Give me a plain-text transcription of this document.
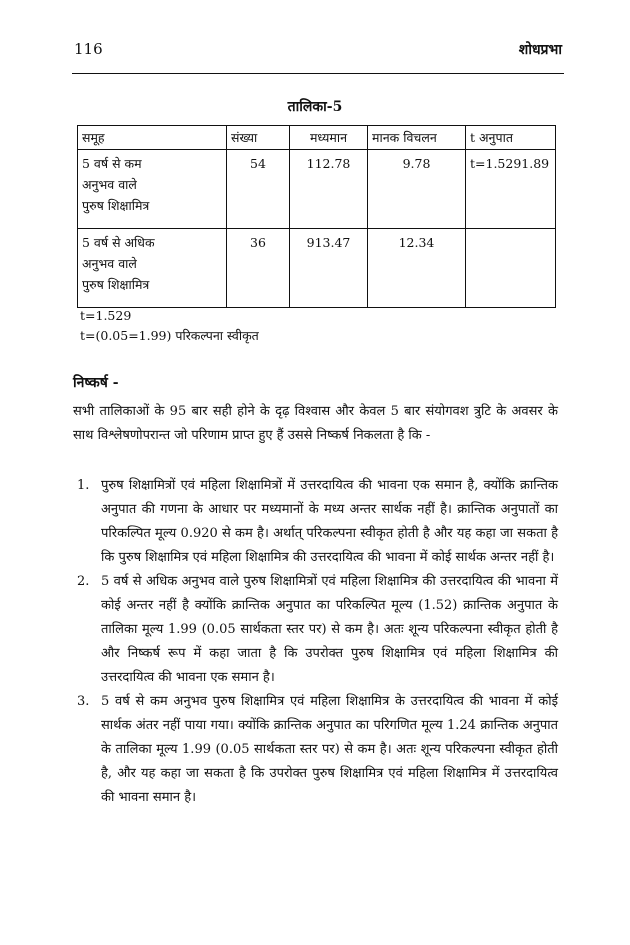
116	शोधप्रभा
तालिका-5
समूह	संख्या	मध्यमान	मानक विचलन	t अनुपात

5 वर्ष से कम
अनुभव वाले
पुरुष शिक्षामित्र	54	112.78	9.78	t=1.5291.89

5 वर्ष से अधिक
अनुभव वाले
पुरुष शिक्षामित्र	36	913.47	12.34	
t=1.529
t=(0.05=1.99) परिकल्पना स्वीकृत
निष्कर्ष -
सभी तालिकाओं के 95 बार सही होने के दृढ़ विश्वास और केवल 5 बार संयोगवश त्रुटि के अवसर के साथ विश्लेषणोपरान्त जो परिणाम प्राप्त हुए हैं उससे निष्कर्ष निकलता है कि -
1. पुरुष शिक्षामित्रों एवं महिला शिक्षामित्रों में उत्तरदायित्व की भावना एक समान है, क्योंकि क्रान्तिक अनुपात की गणना के आधार पर मध्यमानों के मध्य अन्तर सार्थक नहीं है। क्रान्तिक अनुपातों का परिकल्पित मूल्य 0.920 से कम है। अर्थात् परिकल्पना स्वीकृत होती है और यह कहा जा सकता है कि पुरुष शिक्षामित्र एवं महिला शिक्षामित्र की उत्तरदायित्व की भावना में कोई सार्थक अन्तर नहीं है।
2. 5 वर्ष से अधिक अनुभव वाले पुरुष शिक्षामित्रों एवं महिला शिक्षामित्र की उत्तरदायित्व की भावना में कोई अन्तर नहीं है क्योंकि क्रान्तिक अनुपात का परिकल्पित मूल्य (1.52) क्रान्तिक अनुपात के तालिका मूल्य 1.99 (0.05 सार्थकता स्तर पर) से कम है। अतः शून्य परिकल्पना स्वीकृत होती है और निष्कर्ष रूप में कहा जाता है कि उपरोक्त पुरुष शिक्षामित्र एवं महिला शिक्षामित्र की उत्तरदायित्व की भावना एक समान है।
3. 5 वर्ष से कम अनुभव पुरुष शिक्षामित्र एवं महिला शिक्षामित्र के उत्तरदायित्व की भावना में कोई सार्थक अंतर नहीं पाया गया। क्योंकि क्रान्तिक अनुपात का परिगणित मूल्य 1.24 क्रान्तिक अनुपात के तालिका मूल्य 1.99 (0.05 सार्थकता स्तर पर) से कम है। अतः शून्य परिकल्पना स्वीकृत होती है, और यह कहा जा सकता है कि उपरोक्त पुरुष शिक्षामित्र एवं महिला शिक्षामित्र में उत्तरदायित्व की भावना समान है।
